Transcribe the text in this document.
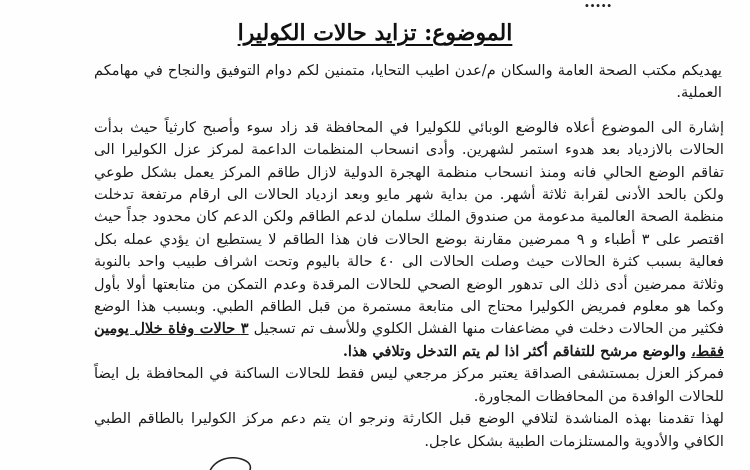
.....
الموضوع: تزايد حالات الكوليرا

يهديكم مكتب الصحة العامة والسكان م/عدن اطيب التحايا، متمنين لكم دوام التوفيق والنجاح في مهامكم العملية.

إشارة الى الموضوع أعلاه فالوضع الوبائي للكوليرا في المحافظة قد زاد سوء وأصبح كارثياً حيث بدأت الحالات بالازدياد بعد هدوء استمر لشهرين. وأدى انسحاب المنظمات الداعمة لمركز عزل الكوليرا الى تفاقم الوضع الحالي فانه ومنذ انسحاب منظمة الهجرة الدولية لازال طاقم المركز يعمل بشكل طوعي ولكن بالحد الأدنى لقرابة ثلاثة أشهر. من بداية شهر مايو وبعد ازدياد الحالات الى ارقام مرتفعة تدخلت منظمة الصحة العالمية مدعومة من صندوق الملك سلمان لدعم الطاقم ولكن الدعم كان محدود جداً حيث اقتصر على ٣ أطباء و ٩ ممرضين مقارنة بوضع الحالات فان هذا الطاقم لا يستطيع ان يؤدي عمله بكل فعالية بسبب كثرة الحالات حيث وصلت الحالات الى ٤٠ حالة باليوم وتحت اشراف طبيب واحد بالنوبة وثلاثة ممرضين أدى ذلك الى تدهور الوضع الصحي للحالات المرقدة وعدم التمكن من متابعتها أولا بأول وكما هو معلوم فمريض الكوليرا محتاج الى متابعة مستمرة من قبل الطاقم الطبي. وبسبب هذا الوضع فكثير من الحالات دخلت في مضاعفات منها الفشل الكلوي وللأسف تم تسجيل ٣ حالات وفاة خلال يومين فقط، والوضع مرشح للتفاقم أكثر اذا لم يتم التدخل وتلافي هذا.

فمركز العزل بمستشفى الصداقة يعتبر مركز مرجعي ليس فقط للحالات الساكنة في المحافظة بل ايضاً للحالات الوافدة من المحافظات المجاورة.

لهذا تقدمنا بهذه المناشدة لتلافي الوضع قبل الكارثة ونرجو ان يتم دعم مركز الكوليرا بالطاقم الطبي الكافي والأدوية والمستلزمات الطبية بشكل عاجل.
